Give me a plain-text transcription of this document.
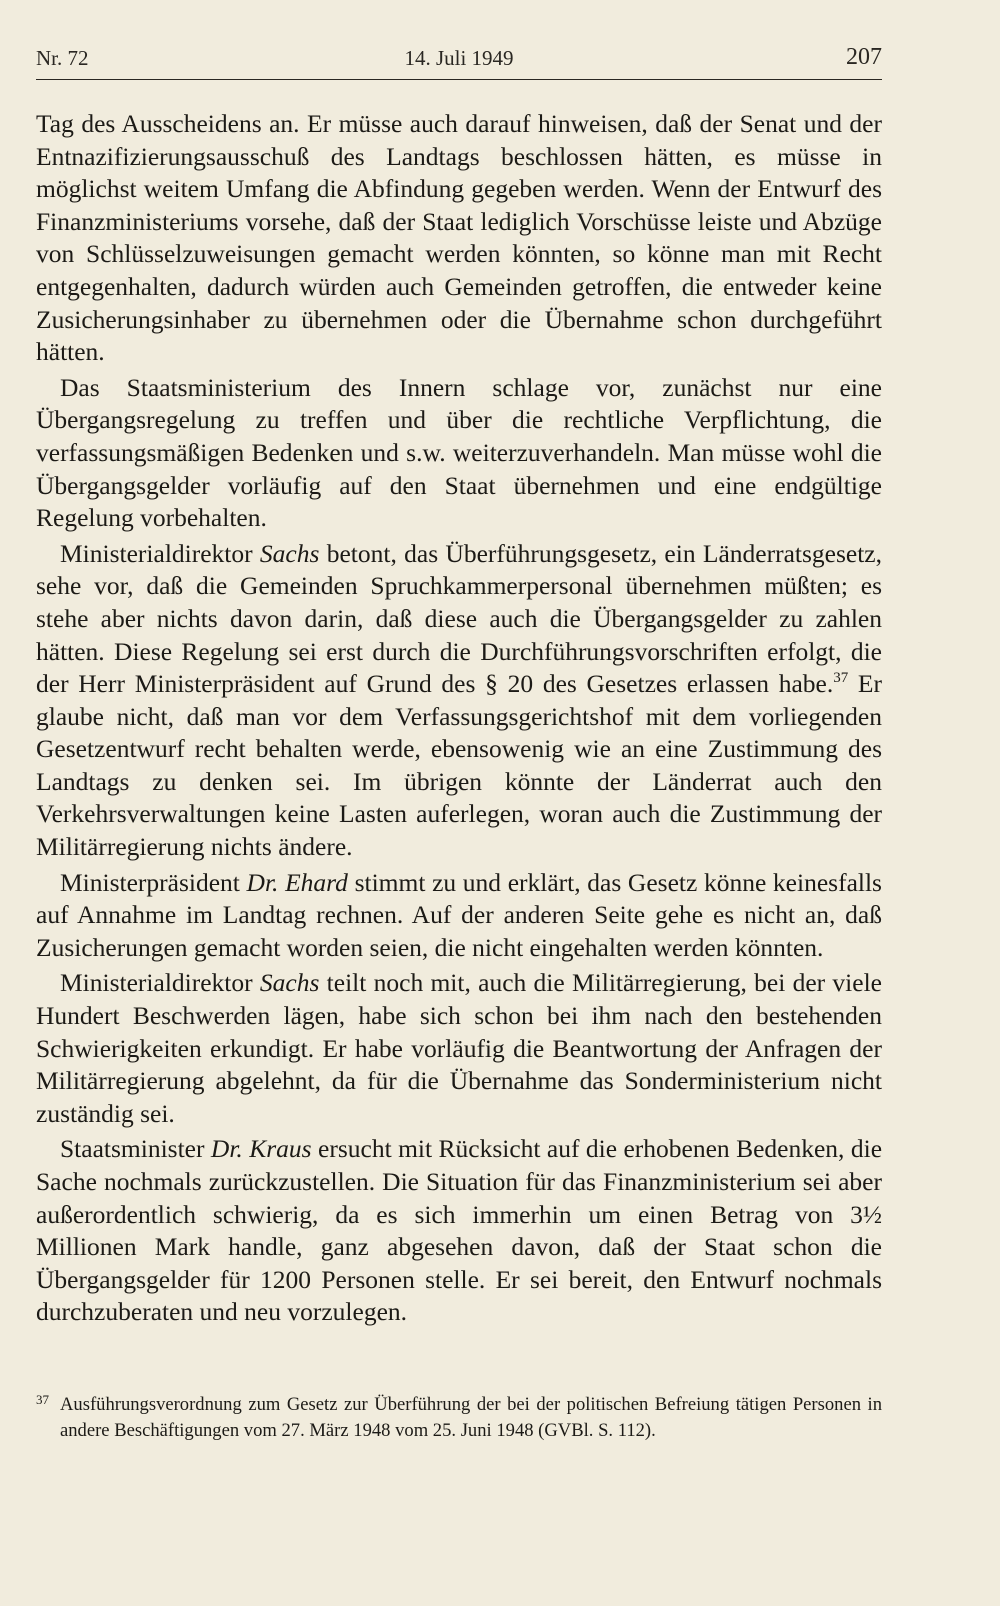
Nr. 72	14. Juli 1949	207

Tag des Ausscheidens an. Er müsse auch darauf hinweisen, daß der Senat und der Entnazifizierungsausschuß des Landtags beschlossen hätten, es müsse in möglichst weitem Umfang die Abfindung gegeben werden. Wenn der Entwurf des Finanzministeriums vorsehe, daß der Staat lediglich Vorschüsse leiste und Abzüge von Schlüsselzuweisungen gemacht werden könnten, so könne man mit Recht entgegenhalten, dadurch würden auch Gemeinden getroffen, die entweder keine Zusicherungsinhaber zu übernehmen oder die Übernahme schon durchgeführt hätten.

Das Staatsministerium des Innern schlage vor, zunächst nur eine Übergangsregelung zu treffen und über die rechtliche Verpflichtung, die verfassungsmäßigen Bedenken und s.w. weiterzuverhandeln. Man müsse wohl die Übergangsgelder vorläufig auf den Staat übernehmen und eine endgültige Regelung vorbehalten.

Ministerialdirektor Sachs betont, das Überführungsgesetz, ein Länderratsgesetz, sehe vor, daß die Gemeinden Spruchkammerpersonal übernehmen müßten; es stehe aber nichts davon darin, daß diese auch die Übergangsgelder zu zahlen hätten. Diese Regelung sei erst durch die Durchführungsvorschriften erfolgt, die der Herr Ministerpräsident auf Grund des § 20 des Gesetzes erlassen habe.$^{37}$ Er glaube nicht, daß man vor dem Verfassungsgerichtshof mit dem vorliegenden Gesetzentwurf recht behalten werde, ebensowenig wie an eine Zustimmung des Landtags zu denken sei. Im übrigen könnte der Länderrat auch den Verkehrsverwaltungen keine Lasten auferlegen, woran auch die Zustimmung der Militärregierung nichts ändere.

Ministerpräsident Dr. Ehard stimmt zu und erklärt, das Gesetz könne keinesfalls auf Annahme im Landtag rechnen. Auf der anderen Seite gehe es nicht an, daß Zusicherungen gemacht worden seien, die nicht eingehalten werden könnten.

Ministerialdirektor Sachs teilt noch mit, auch die Militärregierung, bei der viele Hundert Beschwerden lägen, habe sich schon bei ihm nach den bestehenden Schwierigkeiten erkundigt. Er habe vorläufig die Beantwortung der Anfragen der Militärregierung abgelehnt, da für die Übernahme das Sonderministerium nicht zuständig sei.

Staatsminister Dr. Kraus ersucht mit Rücksicht auf die erhobenen Bedenken, die Sache nochmals zurückzustellen. Die Situation für das Finanzministerium sei aber außerordentlich schwierig, da es sich immerhin um einen Betrag von 3½ Millionen Mark handle, ganz abgesehen davon, daß der Staat schon die Übergangsgelder für 1200 Personen stelle. Er sei bereit, den Entwurf nochmals durchzuberaten und neu vorzulegen.

37 Ausführungsverordnung zum Gesetz zur Überführung der bei der politischen Befreiung tätigen Personen in andere Beschäftigungen vom 27. März 1948 vom 25. Juni 1948 (GVBl. S. 112).
